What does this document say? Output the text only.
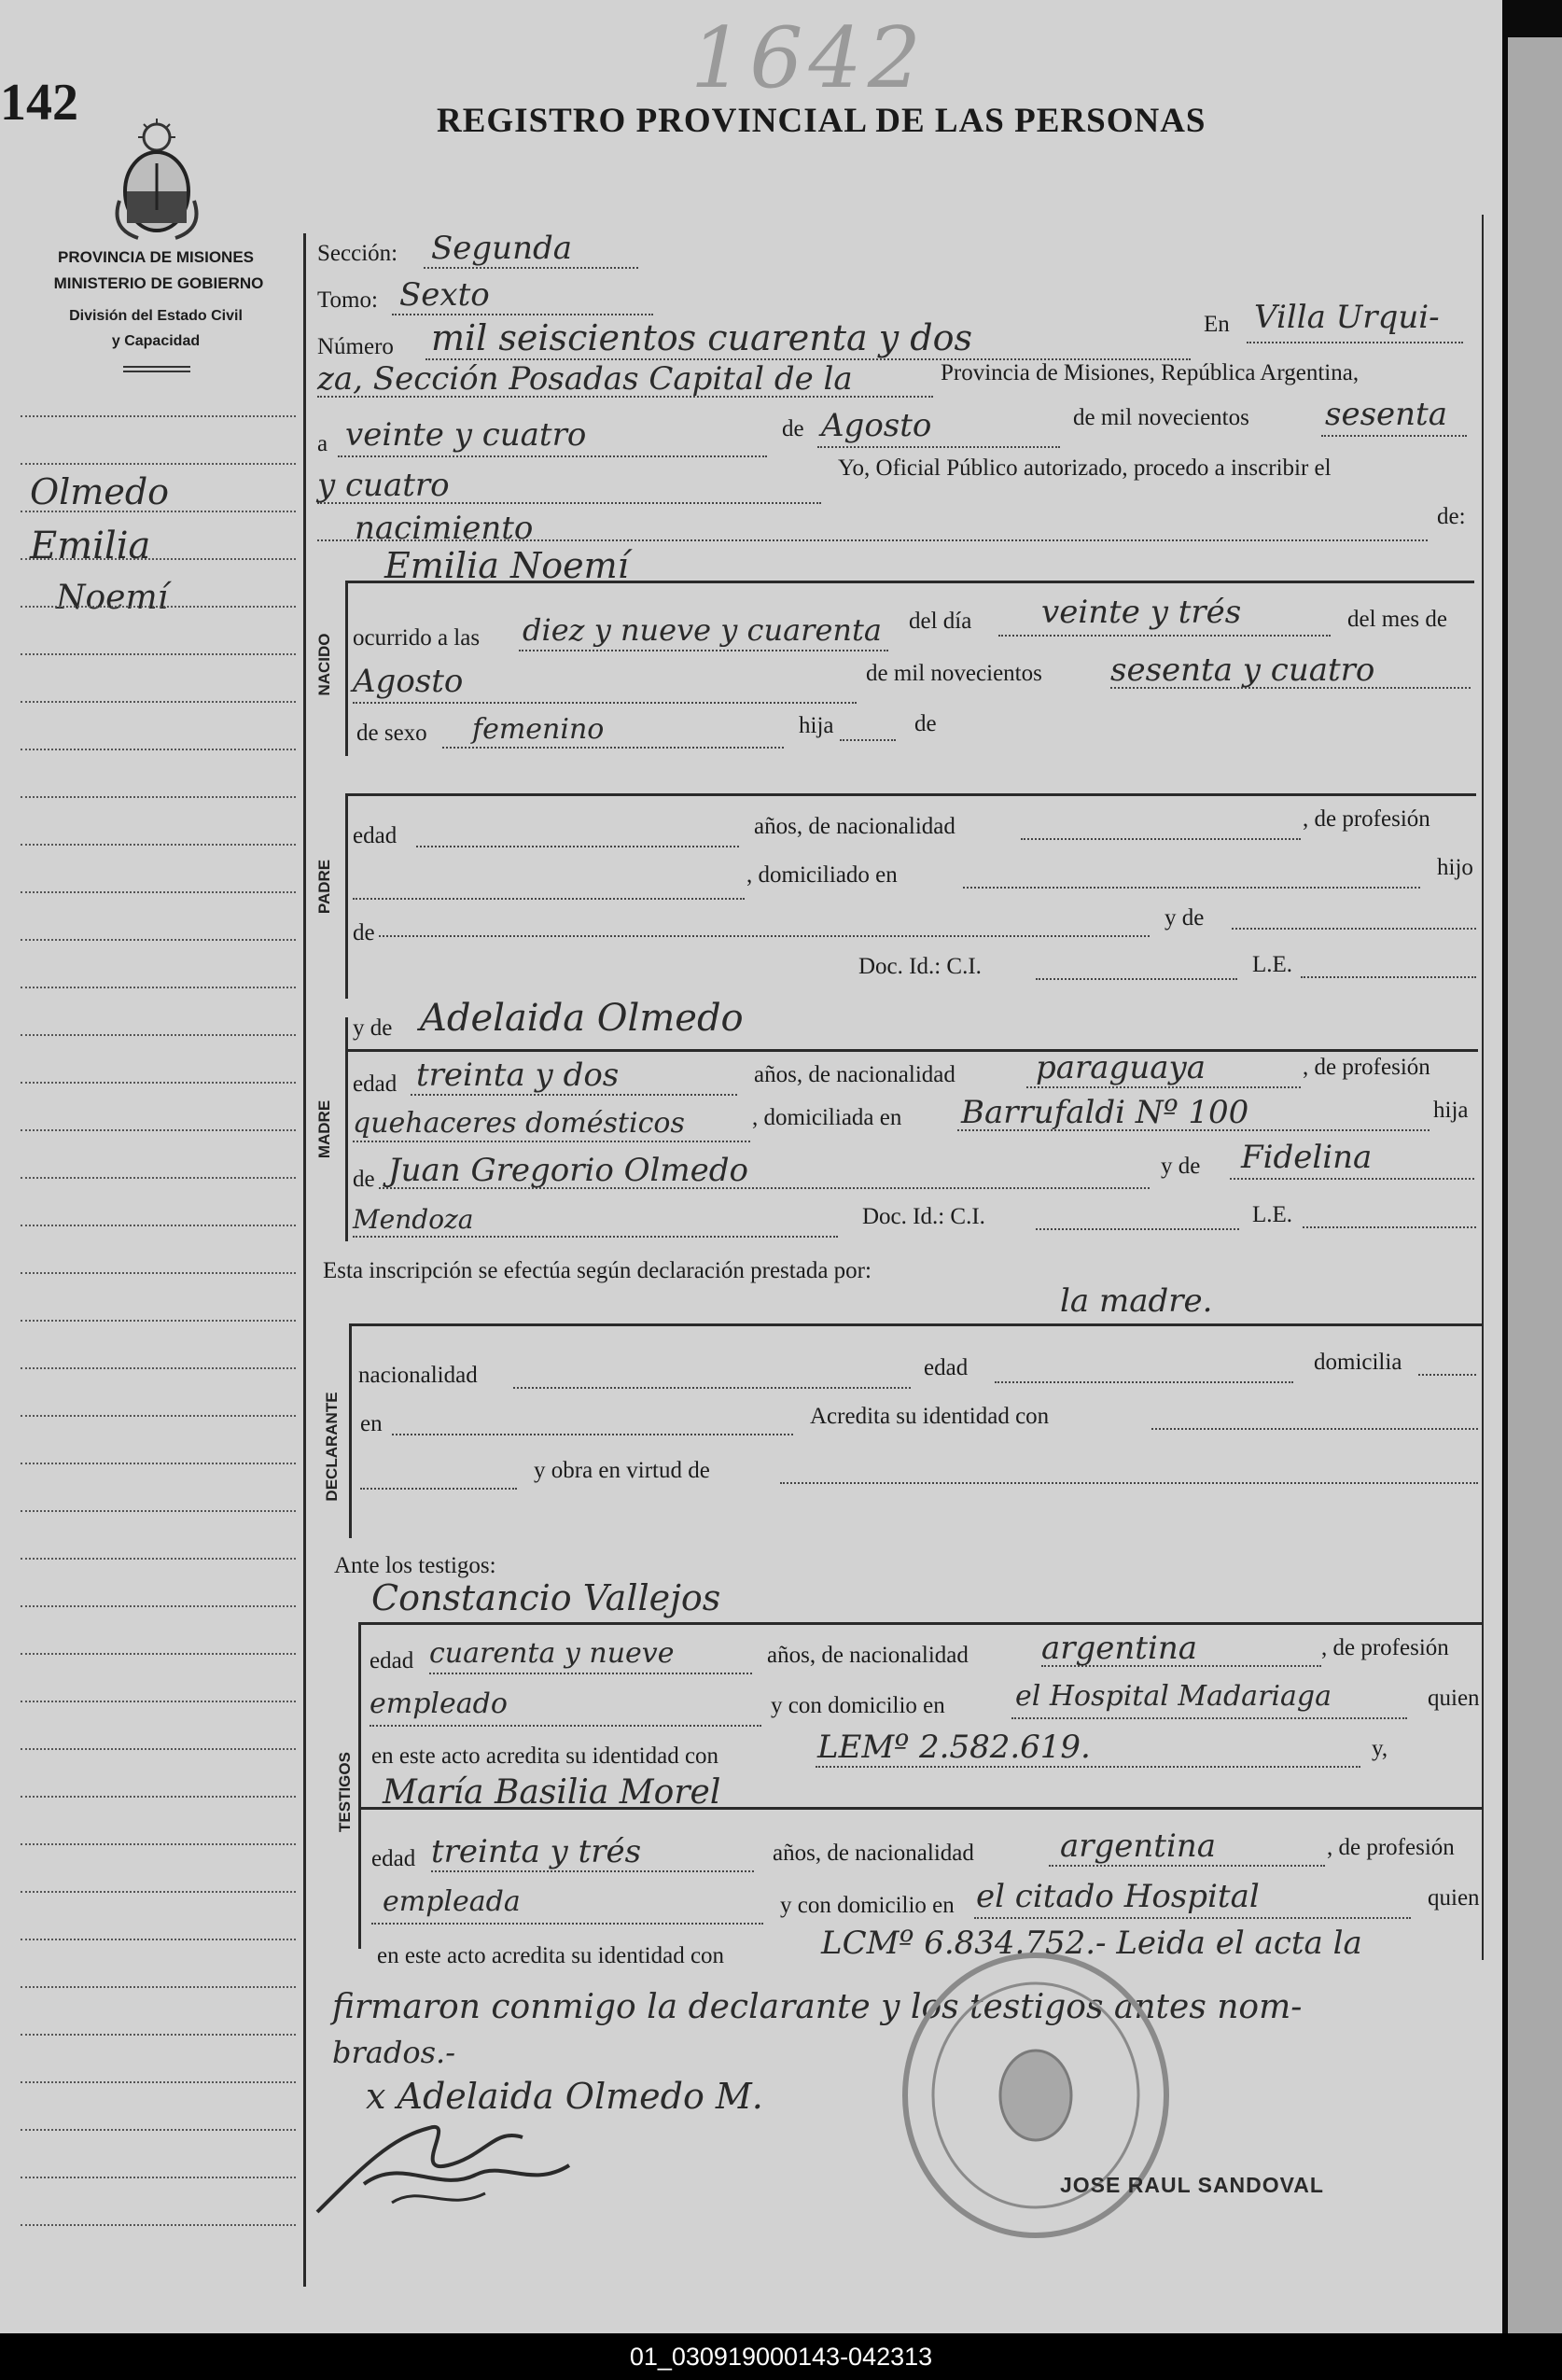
142	1642
REGISTRO PROVINCIAL DE LAS PERSONAS
PROVINCIA DE MISIONES
MINISTERIO DE GOBIERNO
División del Estado Civil
y Capacidad
Olmedo
Emilia
Noemí
Sección: Segunda
Tomo: Sexto
Número mil seiscientos cuarenta y dos	En Villa Urqui-
za, Sección Posadas Capital de la	Provincia de Misiones, República Argentina,
a veinte y cuatro	de Agosto	de mil novecientos sesenta
y cuatro	Yo, Oficial Público autorizado, procedo a inscribir el
nacimiento	de:
Emilia Noemí
NACIDO ocurrido a las diez y nueve y cuarenta del día veinte y trés	del mes de
Agosto	de mil novecientos sesenta y cuatro
de sexo femenino	hija	de
PADRE
edad	años, de nacionalidad	, de profesión
, domiciliado en	hijo
de
y de
Doc. Id.: C.I.	L.E.
MADRE
y de Adelaida Olmedo
edad treinta y dos	años, de nacionalidad	paraguaya	, de profesión
quehaceres domésticos	, domiciliada en Barrufaldi Nº 100	hija
de Juan Gregorio Olmedo	y de Fidelina
Mendoza	Doc. Id.: C.I.	L.E.
Esta inscripción se efectúa según declaración prestada por:
la madre.
DECLARANTE
nacionalidad	edad	domicilia
en	Acredita su identidad con
y obra en virtud de
Ante los testigos:
Constancio Vallejos
TESTIGOS
edad cuarenta y nueve	años, de nacionalidad argentina	, de profesión
empleado	y con domicilio en	el Hospital Madariaga	quien
en este acto acredita su identidad con	LEMº 2.582.619.	y,
María Basilia Morel
edad treinta y trés	años, de nacionalidad	argentina	, de profesión
empleada	y con domicilio en el citado Hospital	quien
en este acto acredita su identidad con	LCMº 6.834.752.- Leida el acta la
firmaron conmigo la declarante y los testigos antes nom-
brados.-
x Adelaida Olmedo M.
JOSE RAUL SANDOVAL
01_030919000143-042313
